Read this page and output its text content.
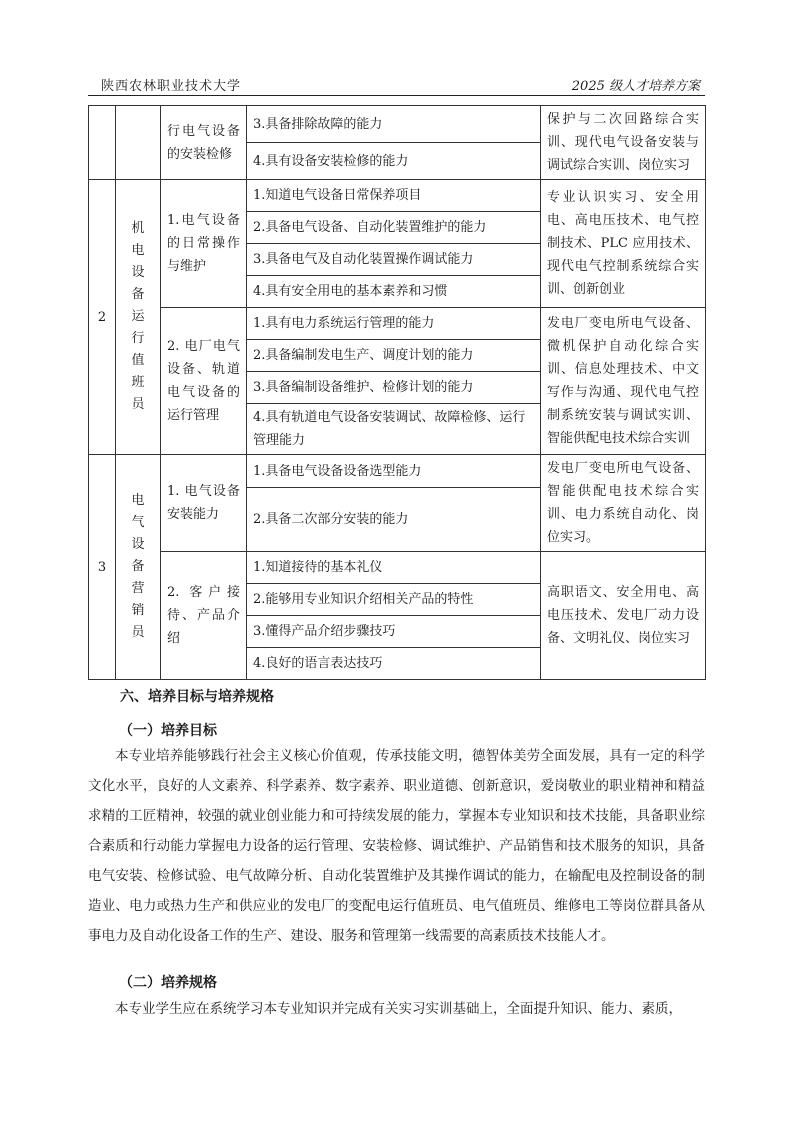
陕西农林职业技术大学	2025 级人才培养方案
		行电气设备的安装检修	3.具备排除故障的能力	保护与二次回路综合实训、现代电气设备安装与调试综合实训、岗位实习
			4.具有设备安装检修的能力	
2	机电设备运行值班员	1.电气设备的日常操作与维护	1.知道电气设备日常保养项目	专业认识实习、安全用电、高电压技术、电气控制技术、PLC 应用技术、现代电气控制系统综合实训、创新创业
			2.具备电气设备、自动化装置维护的能力	
			3.具备电气及自动化装置操作调试能力	
			4.具有安全用电的基本素养和习惯	
		2. 电厂电气设备、轨道电气设备的运行管理	1.具有电力系统运行管理的能力	发电厂变电所电气设备、微机保护自动化综合实训、信息处理技术、中文写作与沟通、现代电气控制系统安装与调试实训、智能供配电技术综合实训
			2.具备编制发电生产、调度计划的能力	
			3.具备编制设备维护、检修计划的能力	
			4.具有轨道电气设备安装调试、故障检修、运行管理能力	
3	电气设备营销员	1. 电气设备安装能力	1.具备电气设备设备选型能力	发电厂变电所电气设备、智能供配电技术综合实训、电力系统自动化、岗位实习。
			2.具备二次部分安装的能力	
		2. 客户接待、产品介绍	1.知道接待的基本礼仪	高职语文、安全用电、高电压技术、发电厂动力设备、文明礼仪、岗位实习
			2.能够用专业知识介绍相关产品的特性	
			3.懂得产品介绍步骤技巧	
			4.良好的语言表达技巧	
六、培养目标与培养规格
（一）培养目标
本专业培养能够践行社会主义核心价值观，传承技能文明，德智体美劳全面发展，具有一定的科学文化水平，良好的人文素养、科学素养、数字素养、职业道德、创新意识，爱岗敬业的职业精神和精益求精的工匠精神，较强的就业创业能力和可持续发展的能力，掌握本专业知识和技术技能，具备职业综合素质和行动能力掌握电力设备的运行管理、安装检修、调试维护、产品销售和技术服务的知识，具备电气安装、检修试验、电气故障分析、自动化装置维护及其操作调试的能力，在输配电及控制设备的制造业、电力或热力生产和供应业的发电厂的变配电运行值班员、电气值班员、维修电工等岗位群具备从事电力及自动化设备工作的生产、建设、服务和管理第一线需要的高素质技术技能人才。
（二）培养规格
本专业学生应在系统学习本专业知识并完成有关实习实训基础上，全面提升知识、能力、素质，
